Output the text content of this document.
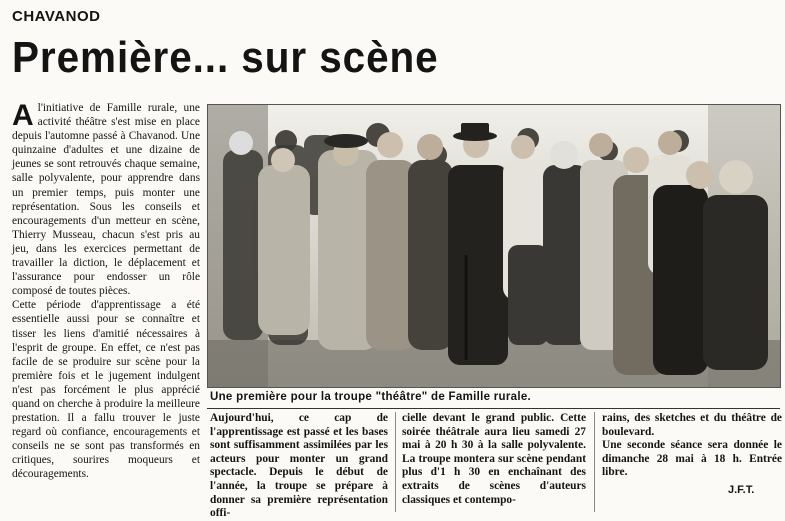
CHAVANOD
Première... sur scène
A l'initiative de Famille rurale, une activité théâtre s'est mise en place depuis l'automne passé à Chavanod. Une quinzaine d'adultes et une dizaine de jeunes se sont retrouvés chaque semaine, salle polyvalente, pour apprendre dans un premier temps, puis monter une représentation. Sous les conseils et encouragements d'un metteur en scène, Thierry Musseau, chacun s'est pris au jeu, dans les exercices permettant de travailler la diction, le déplacement et l'assurance pour endosser un rôle composé de toutes pièces.

Cette période d'apprentissage a été essentielle aussi pour se connaître et tisser les liens d'amitié nécessaires à l'esprit de groupe. En effet, ce n'est pas facile de se produire sur scène pour la première fois et le jugement indulgent n'est pas forcément le plus apprécié quand on cherche à produire la meilleure prestation. Il a fallu trouver le juste regard où confiance, encouragements et conseils ne se sont pas transformés en critiques, sourires moqueurs et découragements.

Une première pour la troupe "théâtre" de Famille rurale.

Aujourd'hui, ce cap de l'apprentissage est passé et les bases sont suffisamment assimilées par les acteurs pour monter un grand spectacle. Depuis le début de l'année, la troupe se prépare à donner sa première représentation offi-

cielle devant le grand public. Cette soirée théâtrale aura lieu samedi 27 mai à 20 h 30 à la salle polyvalente. La troupe montera sur scène pendant plus d'1 h 30 en enchaînant des extraits de scènes d'auteurs classiques et contempo-

rains, des sketches et du théâtre de boulevard.

Une seconde séance sera donnée le dimanche 28 mai à 18 h. Entrée libre.

J.F.T.
